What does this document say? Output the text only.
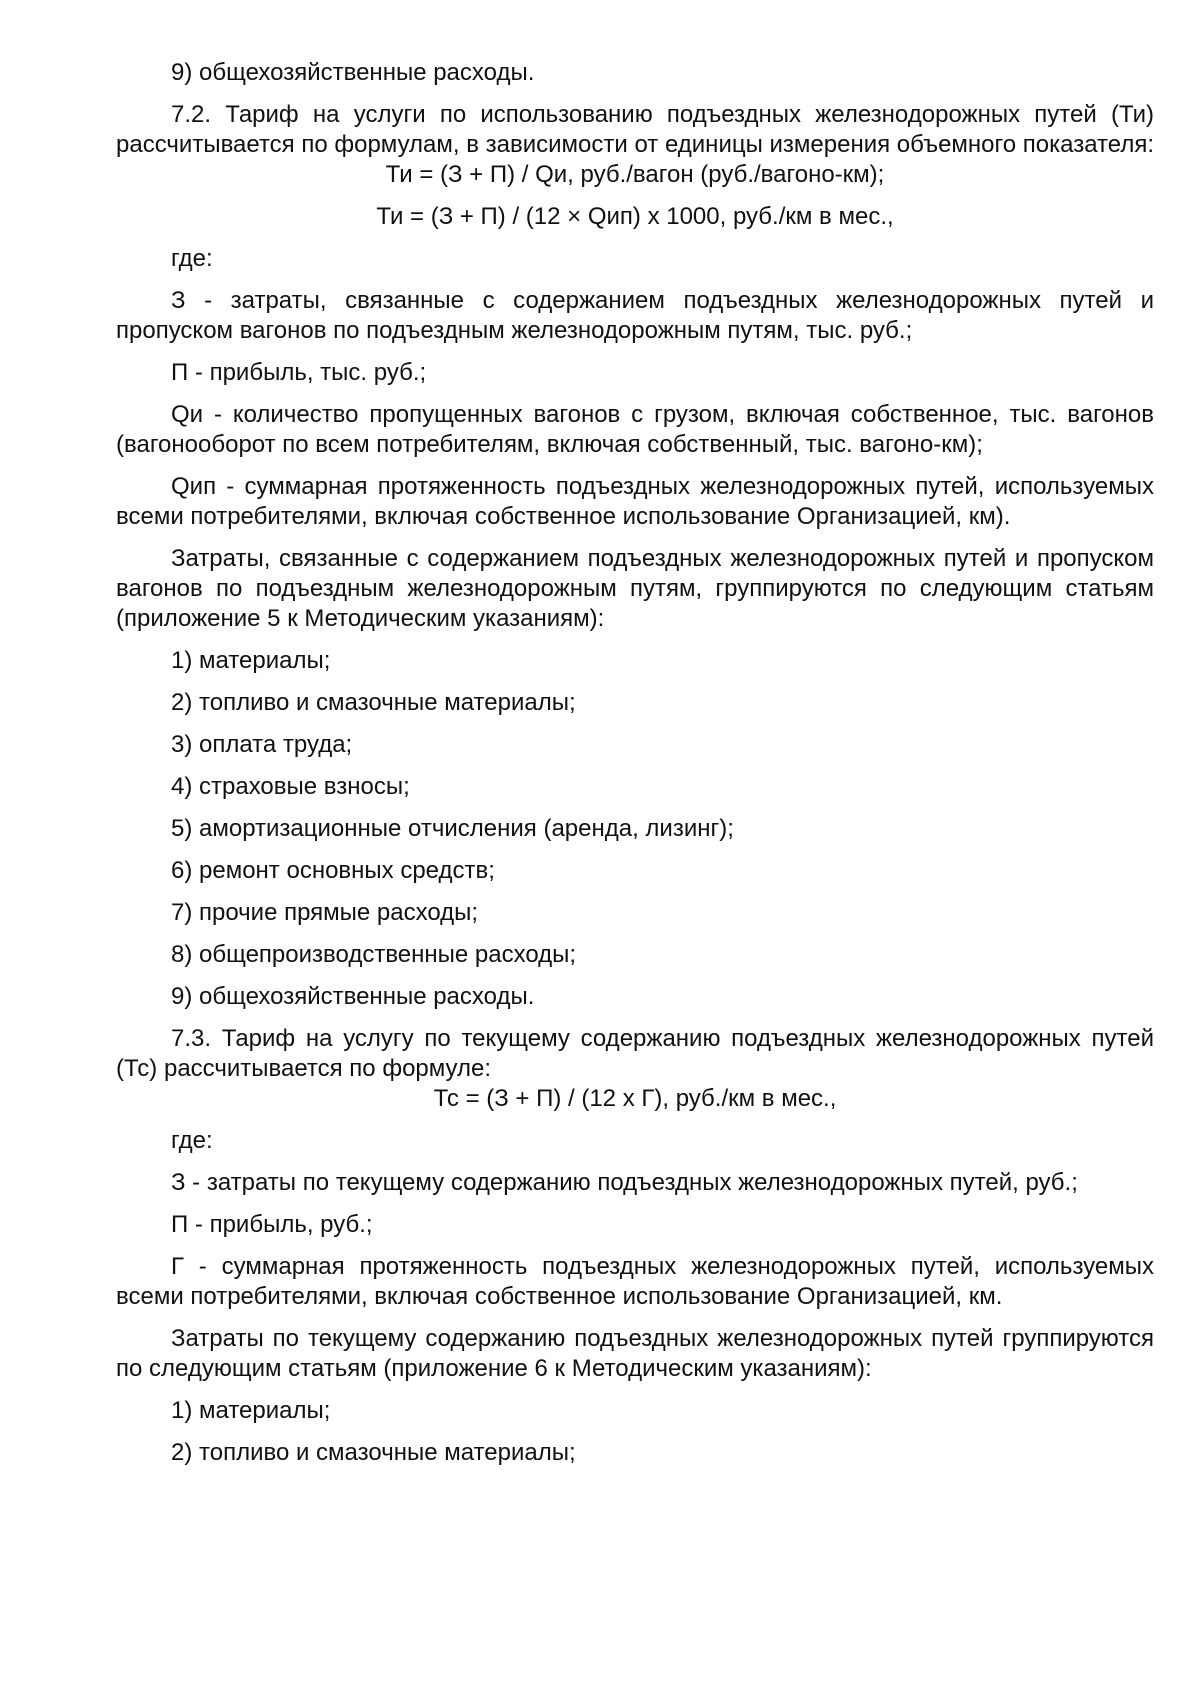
9) общехозяйственные расходы.
7.2. Тариф на услуги по использованию подъездных железнодорожных путей (Ти) рассчитывается по формулам, в зависимости от единицы измерения объемного показателя:
Ти = (З + П) / Qи, руб./вагон (руб./вагоно-км);
Ти = (З + П) / (12 × Qип) x 1000, руб./км в мес.,
где:
З - затраты, связанные с содержанием подъездных железнодорожных путей и пропуском вагонов по подъездным железнодорожным путям, тыс. руб.;
П - прибыль, тыс. руб.;
Qи - количество пропущенных вагонов с грузом, включая собственное, тыс. вагонов (вагонооборот по всем потребителям, включая собственный, тыс. вагоно-км);
Qип - суммарная протяженность подъездных железнодорожных путей, используемых всеми потребителями, включая собственное использование Организацией, км).
Затраты, связанные с содержанием подъездных железнодорожных путей и пропуском вагонов по подъездным железнодорожным путям, группируются по следующим статьям (приложение 5 к Методическим указаниям):
1) материалы;
2) топливо и смазочные материалы;
3) оплата труда;
4) страховые взносы;
5) амортизационные отчисления (аренда, лизинг);
6) ремонт основных средств;
7) прочие прямые расходы;
8) общепроизводственные расходы;
9) общехозяйственные расходы.
7.3. Тариф на услугу по текущему содержанию подъездных железнодорожных путей (Тс) рассчитывается по формуле:
Тс = (З + П) / (12 x Г), руб./км в мес.,
где:
З - затраты по текущему содержанию подъездных железнодорожных путей, руб.;
П - прибыль, руб.;
Г - суммарная протяженность подъездных железнодорожных путей, используемых всеми потребителями, включая собственное использование Организацией, км.
Затраты по текущему содержанию подъездных железнодорожных путей группируются по следующим статьям (приложение 6 к Методическим указаниям):
1) материалы;
2) топливо и смазочные материалы;
